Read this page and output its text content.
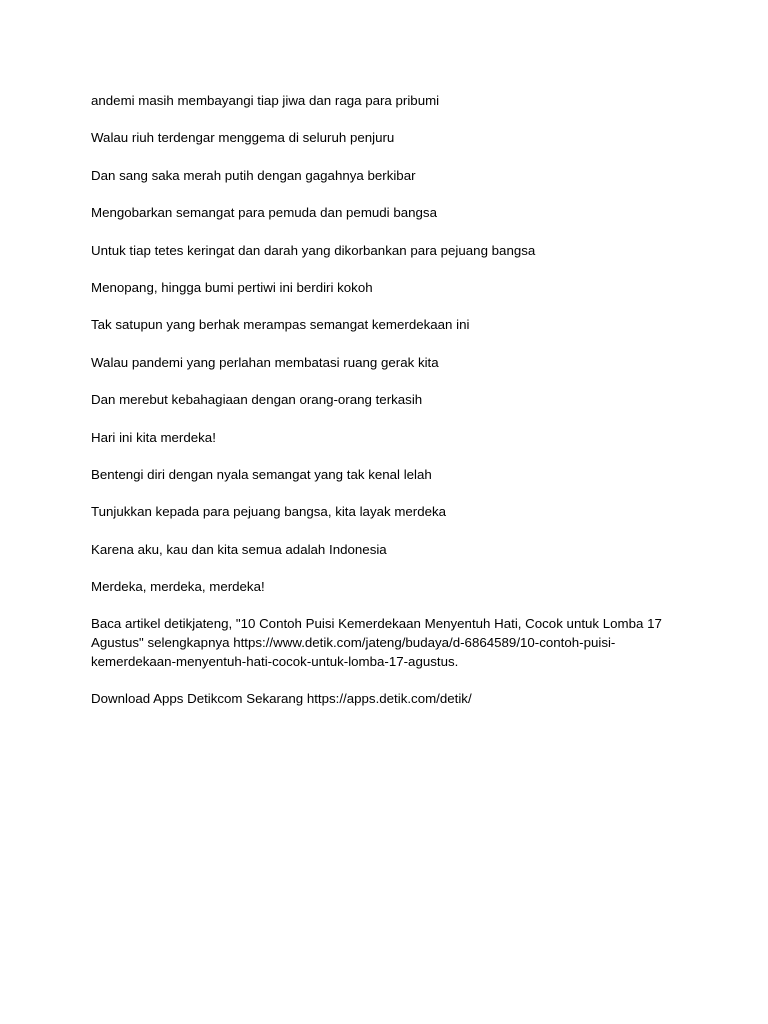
andemi masih membayangi tiap jiwa dan raga para pribumi

Walau riuh terdengar menggema di seluruh penjuru

Dan sang saka merah putih dengan gagahnya berkibar

Mengobarkan semangat para pemuda dan pemudi bangsa

Untuk tiap tetes keringat dan darah yang dikorbankan para pejuang bangsa

Menopang, hingga bumi pertiwi ini berdiri kokoh

Tak satupun yang berhak merampas semangat kemerdekaan ini

Walau pandemi yang perlahan membatasi ruang gerak kita

Dan merebut kebahagiaan dengan orang-orang terkasih

Hari ini kita merdeka!

Bentengi diri dengan nyala semangat yang tak kenal lelah

Tunjukkan kepada para pejuang bangsa, kita layak merdeka

Karena aku, kau dan kita semua adalah Indonesia

Merdeka, merdeka, merdeka!

Baca artikel detikjateng, "10 Contoh Puisi Kemerdekaan Menyentuh Hati, Cocok untuk Lomba 17 Agustus" selengkapnya https://www.detik.com/jateng/budaya/d-6864589/10-contoh-puisi-kemerdekaan-menyentuh-hati-cocok-untuk-lomba-17-agustus.

Download Apps Detikcom Sekarang https://apps.detik.com/detik/
